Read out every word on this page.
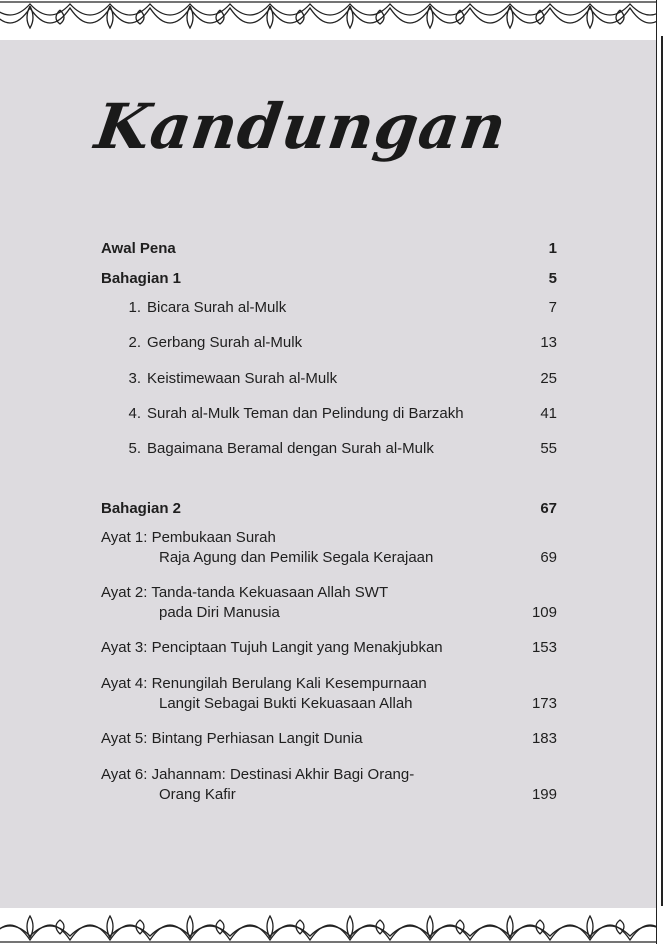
Kandungan
Awal Pena	1
Bahagian 1	5
1. Bicara Surah al-Mulk	7
2. Gerbang Surah al-Mulk	13
3. Keistimewaan Surah al-Mulk	25
4. Surah al-Mulk Teman dan Pelindung di Barzakh	41
5. Bagaimana Beramal dengan Surah al-Mulk	55
Bahagian 2	67
Ayat 1: Pembukaan Surah
Raja Agung dan Pemilik Segala Kerajaan	69
Ayat 2: Tanda-tanda Kekuasaan Allah SWT
pada Diri Manusia	109
Ayat 3: Penciptaan Tujuh Langit yang Menakjubkan	153
Ayat 4: Renungilah Berulang Kali Kesempurnaan
Langit Sebagai Bukti Kekuasaan Allah	173
Ayat 5: Bintang Perhiasan Langit Dunia	183
Ayat 6: Jahannam: Destinasi Akhir Bagi Orang-
Orang Kafir	199
